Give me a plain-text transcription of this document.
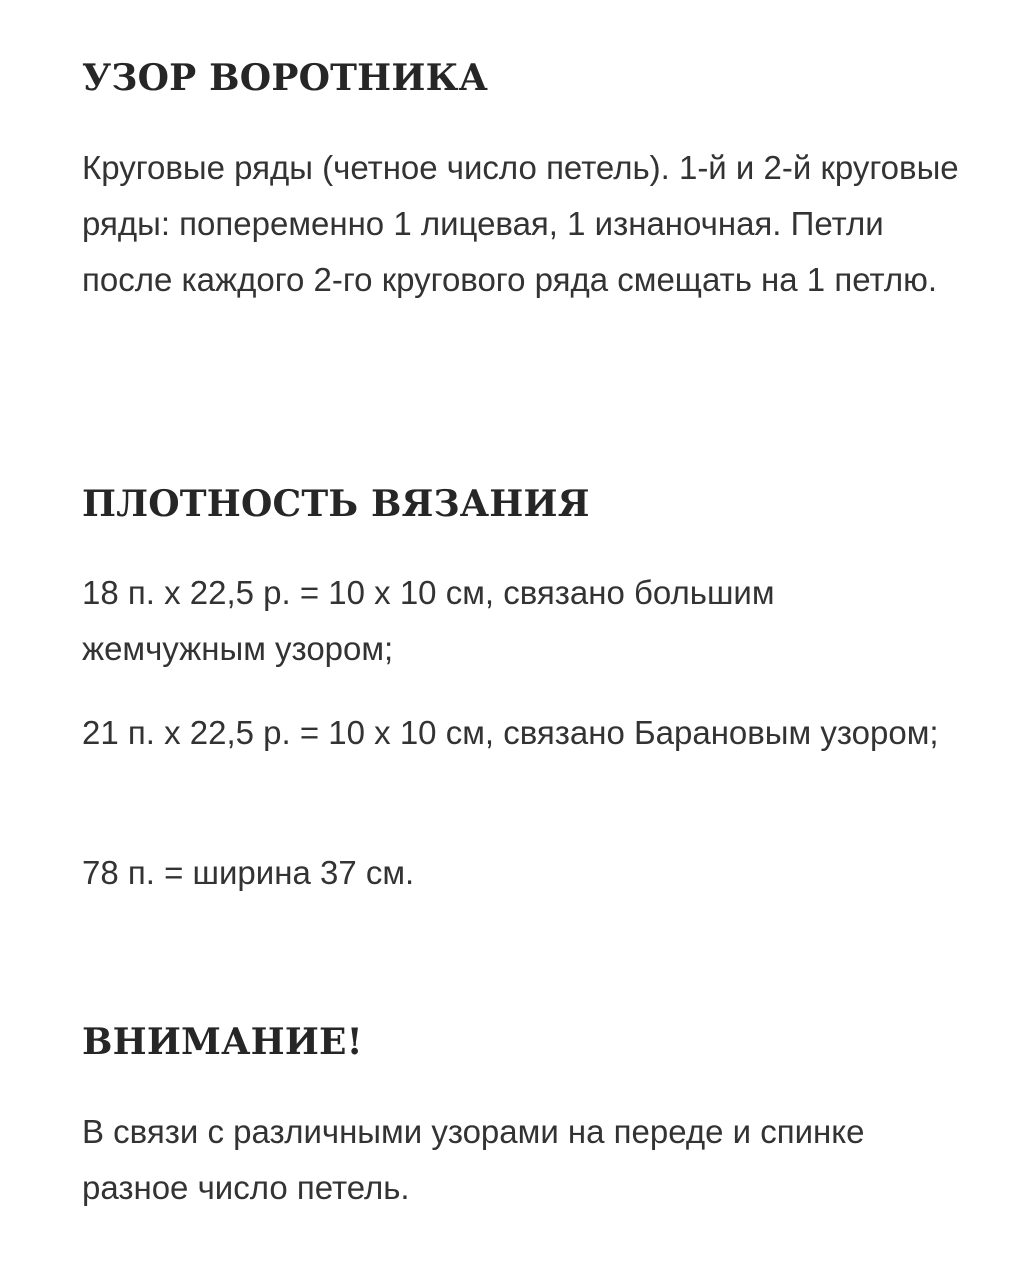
УЗОР ВОРОТНИКА

Круговые ряды (четное число петель). 1-й и 2-й круговые ряды: попеременно 1 лицевая, 1 изнаночная. Петли после каждого 2-го кругового ряда смещать на 1 петлю.

ПЛОТНОСТЬ ВЯЗАНИЯ

18 п. х 22,5 р. = 10 х 10 см, связано большим жемчужным узором;

21 п. х 22,5 р. = 10 х 10 см, связано Барановым узором;

78 п. = ширина 37 см.

ВНИМАНИЕ!

В связи с различными узорами на переде и спинке разное число петель.
